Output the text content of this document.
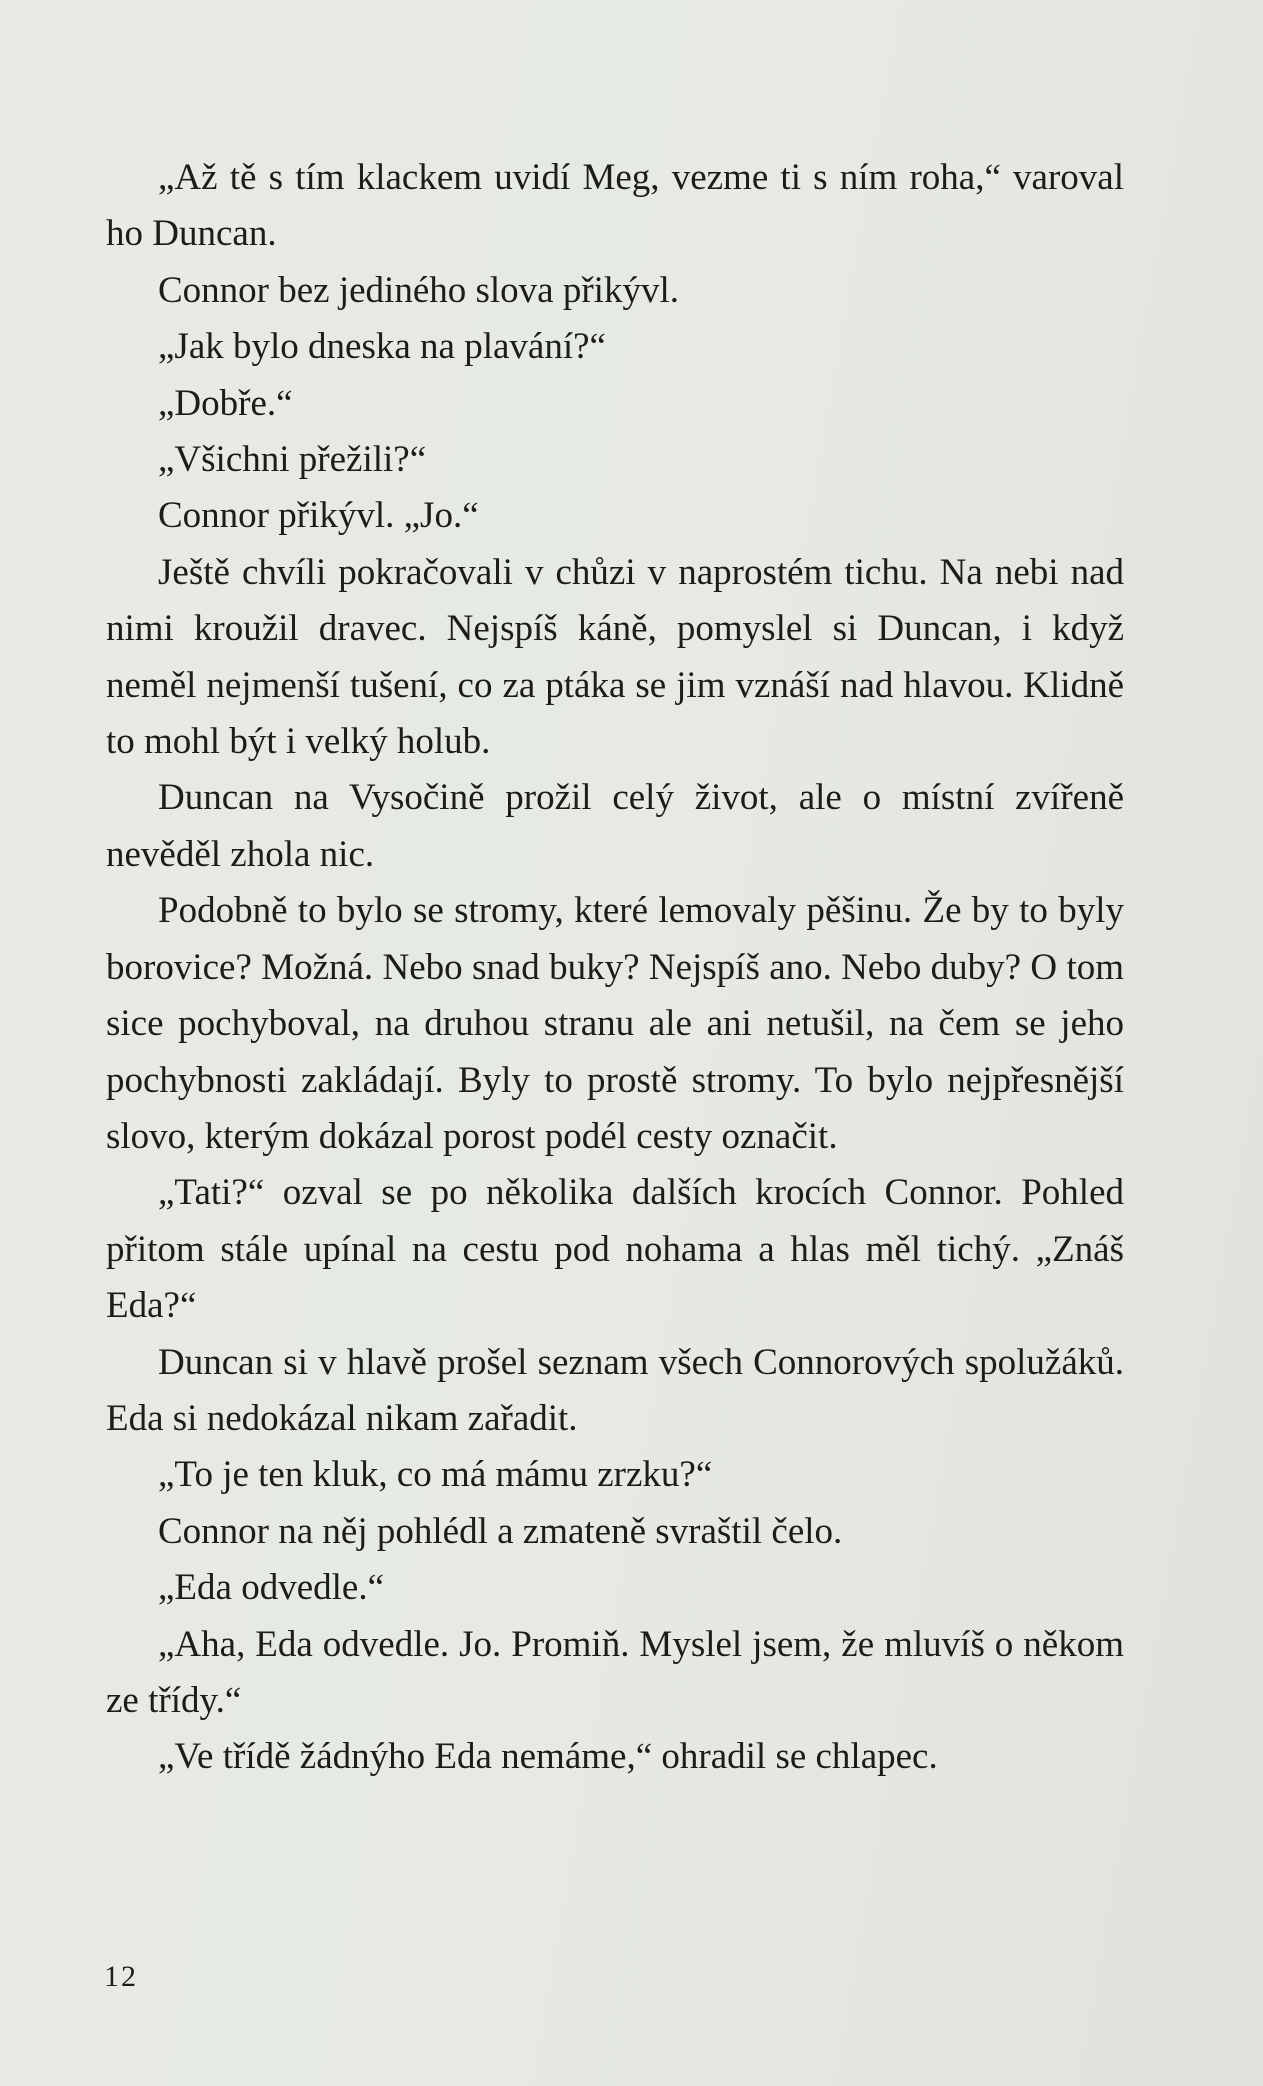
„Až tě s tím klackem uvidí Meg, vezme ti s ním roha,“ varoval ho Duncan.

Connor bez jediného slova přikývl.

„Jak bylo dneska na plavání?“

„Dobře.“

„Všichni přežili?“

Connor přikývl. „Jo.“

Ještě chvíli pokračovali v chůzi v naprostém tichu. Na nebi nad nimi kroužil dravec. Nejspíš káně, pomyslel si Duncan, i když neměl nejmenší tušení, co za ptáka se jim vznáší nad hlavou. Klidně to mohl být i velký holub.

Duncan na Vysočině prožil celý život, ale o místní zvířeně nevěděl zhola nic.

Podobně to bylo se stromy, které lemovaly pěšinu. Že by to byly borovice? Možná. Nebo snad buky? Nejspíš ano. Nebo duby? O tom sice pochyboval, na druhou stranu ale ani netušil, na čem se jeho pochybnosti zakládají. Byly to prostě stromy. To bylo nejpřesnější slovo, kterým dokázal porost podél cesty označit.

„Tati?“ ozval se po několika dalších krocích Connor. Pohled přitom stále upínal na cestu pod nohama a hlas měl tichý. „Znáš Eda?“

Duncan si v hlavě prošel seznam všech Connorových spolužáků. Eda si nedokázal nikam zařadit.

„To je ten kluk, co má mámu zrzku?“

Connor na něj pohlédl a zmateně svraštil čelo.

„Eda odvedle.“

„Aha, Eda odvedle. Jo. Promiň. Myslel jsem, že mluvíš o někom ze třídy.“

„Ve třídě žádnýho Eda nemáme,“ ohradil se chlapec.

12
